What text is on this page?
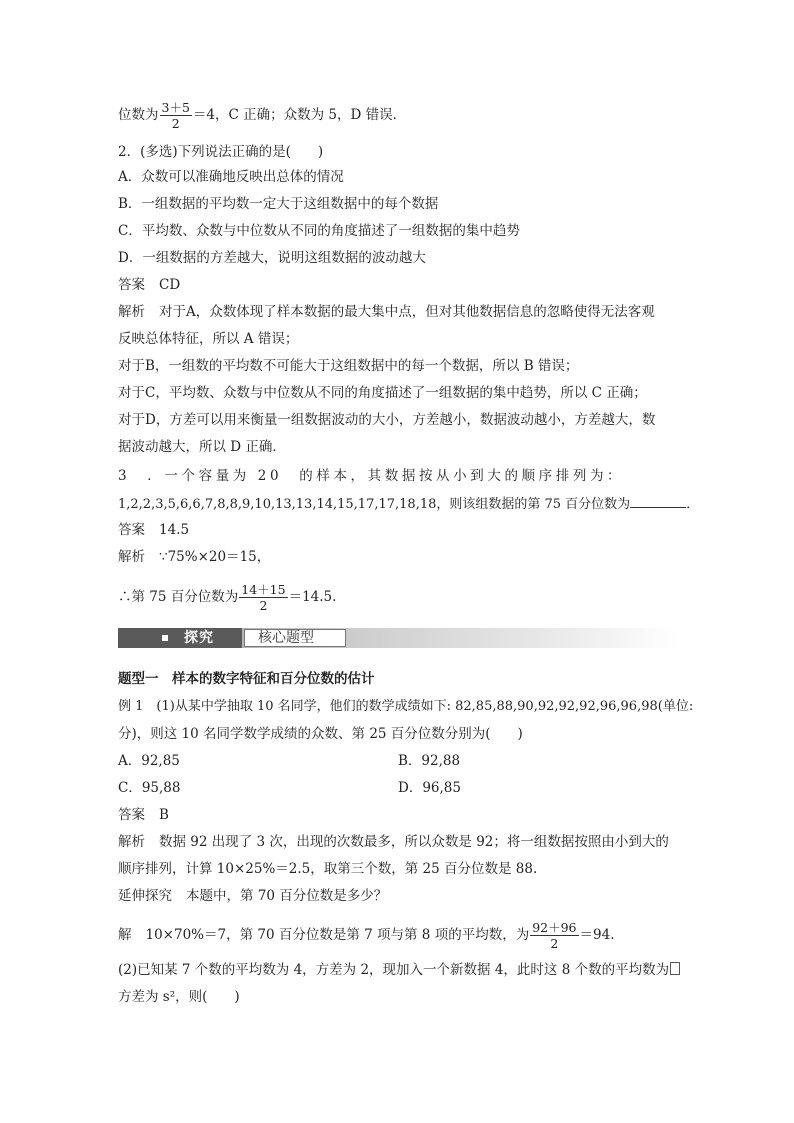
位数为 $\frac{3+5}{2} =4$，C 正确；众数为 5，D 错误．
2．(多选)下列说法正确的是(　　)
A．众数可以准确地反映出总体的情况
B．一组数据的平均数一定大于这组数据中的每个数据
C．平均数、众数与中位数从不同的角度描述了一组数据的集中趋势
D．一组数据的方差越大，说明这组数据的波动越大
答案 CD
解析 对于A，众数体现了样本数据的最大集中点，但对其他数据信息的忽略使得无法客观
反映总体特征，所以 A 错误；
对于B，一组数的平均数不可能大于这组数据中的每一个数据，所以 B 错误；
对于C，平均数、众数与中位数从不同的角度描述了一组数据的集中趋势，所以 C 正确；
对于D，方差可以用来衡量一组数据波动的大小，方差越小，数据波动越小，方差越大，数
据波动越大，所以 D 正确．
3　．一个容量为 20　的样本，其数据按从小到大的顺序排列为：
1,2,2,3,5,6,6,7,8,8,9,10,13,13,14,15,17,17,18,18，则该组数据的第 75 百分位数为	．
答案 14.5
解析 ∵75%×20＝15，
∴第 75 百分位数为 $\frac{14+15}{2} =14.5$.
探究	核心题型
题型一　样本的数字特征和百分位数的估计
例 1　(1)从某中学抽取 10 名同学，他们的数学成绩如下: 82,85,88,90,92,92,92,96,96,98(单位:
分)，则这 10 名同学数学成绩的众数、第 25 百分位数分别为(　　)
A．92,85	B．92,88
C．95,88	D．96,85
答案 B
解析 数据 92 出现了 3 次，出现的次数最多，所以众数是 92；将一组数据按照由小到大的
顺序排列，计算 10×25%＝2.5，取第三个数，第 25 百分位数是 88.
延伸探究 本题中，第 70 百分位数是多少？
解 10×70%＝7，第 70 百分位数是第 7 项与第 8 项的平均数，为 $\frac{92+96}{2} =94$.
(2)已知某 7 个数的平均数为 4，方差为 2，现加入一个新数据 4，此时这 8 个数的平均数为
方差为 s²，则(　　)
